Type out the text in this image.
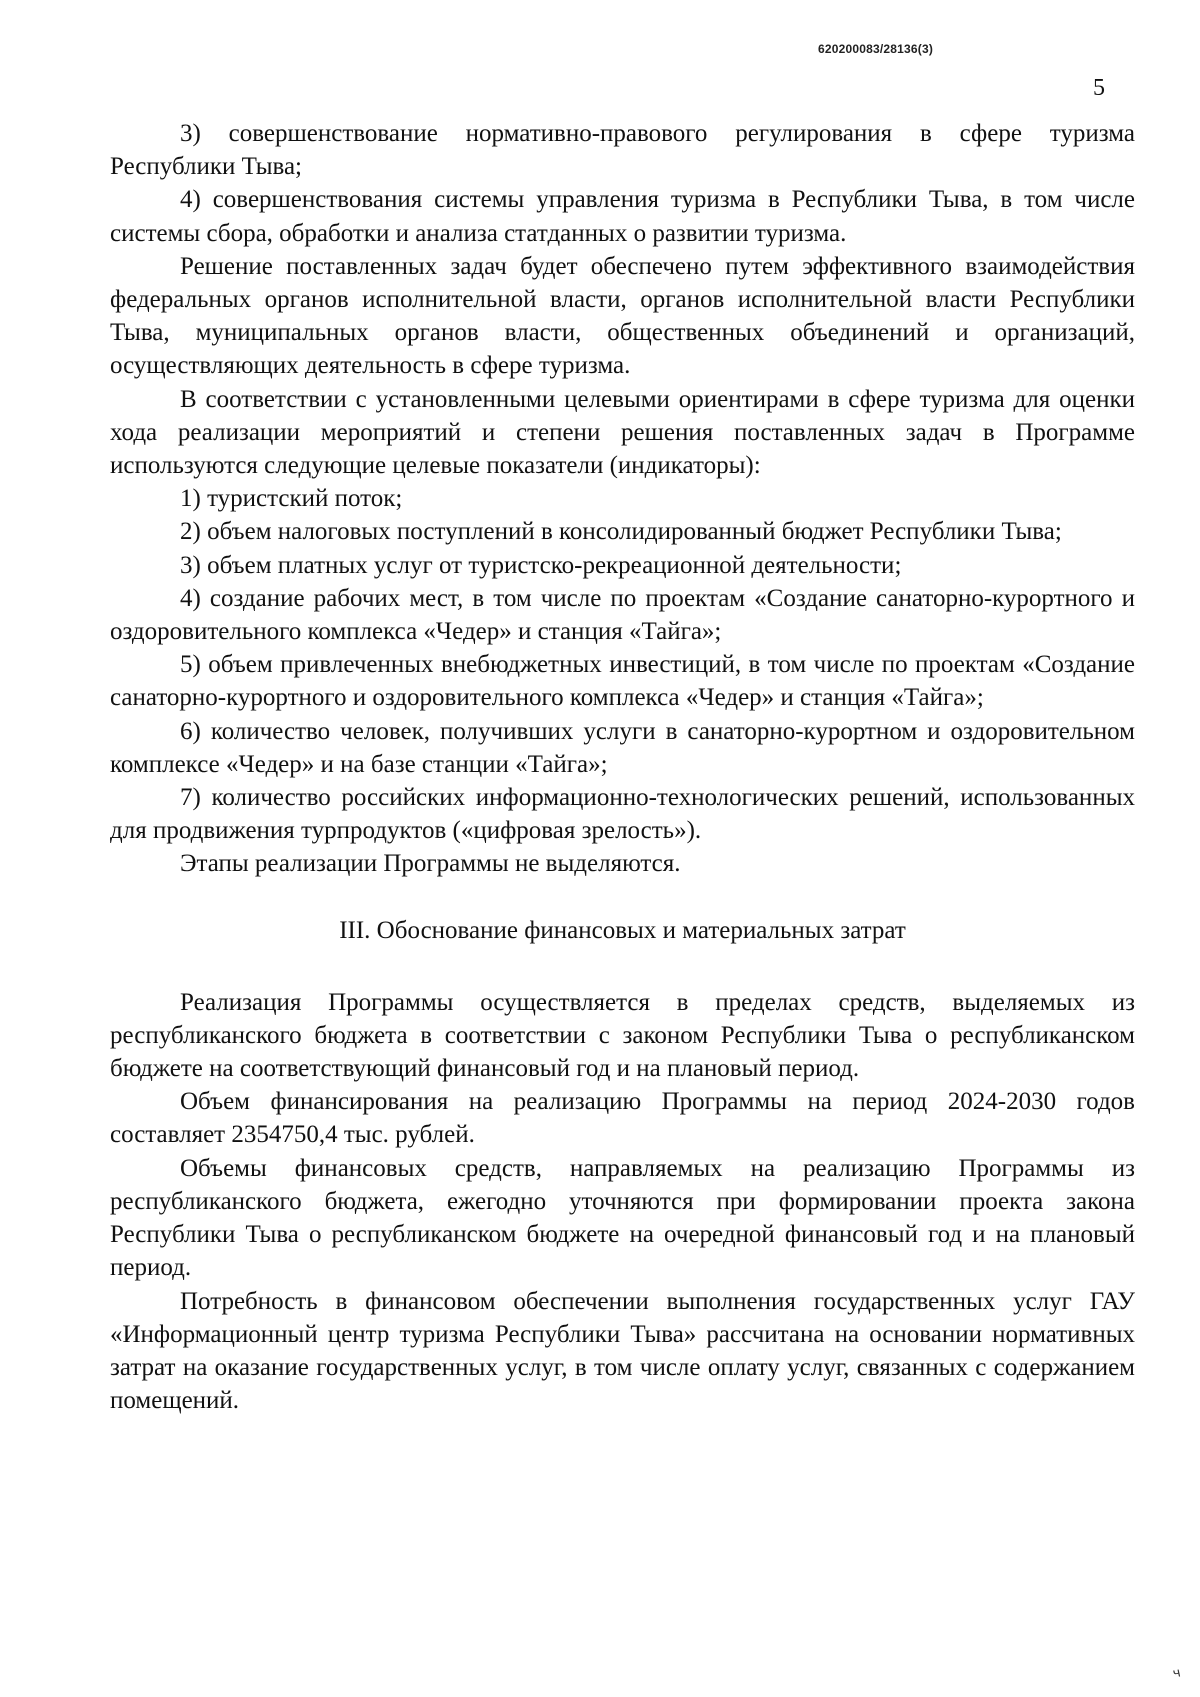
620200083/28136(3)
5

3) совершенствование нормативно-правового регулирования в сфере туризма Республики Тыва;

4) совершенствования системы управления туризма в Республики Тыва, в том числе системы сбора, обработки и анализа статданных о развитии туризма.

Решение поставленных задач будет обеспечено путем эффективного взаимодействия федеральных органов исполнительной власти, органов исполнительной власти Республики Тыва, муниципальных органов власти, общественных объединений и организаций, осуществляющих деятельность в сфере туризма.

В соответствии с установленными целевыми ориентирами в сфере туризма для оценки хода реализации мероприятий и степени решения поставленных задач в Программе используются следующие целевые показатели (индикаторы):

1) туристский поток;

2) объем налоговых поступлений в консолидированный бюджет Республики Тыва;

3) объем платных услуг от туристско-рекреационной деятельности;

4) создание рабочих мест, в том числе по проектам «Создание санаторно-курортного и оздоровительного комплекса «Чедер» и станция «Тайга»;

5) объем привлеченных внебюджетных инвестиций, в том числе по проектам «Создание санаторно-курортного и оздоровительного комплекса «Чедер» и станция «Тайга»;

6) количество человек, получивших услуги в санаторно-курортном и оздоровительном комплексе «Чедер» и на базе станции «Тайга»;

7) количество российских информационно-технологических решений, использованных для продвижения турпродуктов («цифровая зрелость»).

Этапы реализации Программы не выделяются.

III. Обоснование финансовых и материальных затрат

Реализация Программы осуществляется в пределах средств, выделяемых из республиканского бюджета в соответствии с законом Республики Тыва о республиканском бюджете на соответствующий финансовый год и на плановый период.

Объем финансирования на реализацию Программы на период 2024-2030 годов составляет 2354750,4 тыс. рублей.

Объемы финансовых средств, направляемых на реализацию Программы из республиканского бюджета, ежегодно уточняются при формировании проекта закона Республики Тыва о республиканском бюджете на очередной финансовый год и на плановый период.

Потребность в финансовом обеспечении выполнения государственных услуг ГАУ «Информационный центр туризма Республики Тыва» рассчитана на основании нормативных затрат на оказание государственных услуг, в том числе оплату услуг, связанных с содержанием помещений.

ч
